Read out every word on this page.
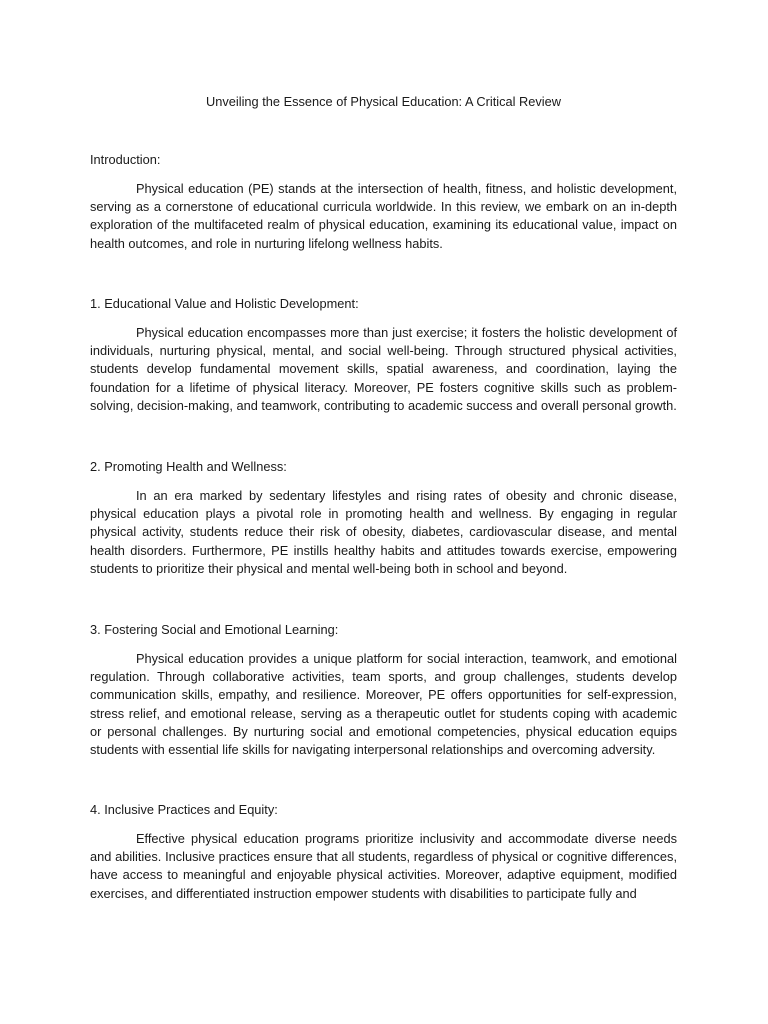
Unveiling the Essence of Physical Education: A Critical Review

Introduction:

Physical education (PE) stands at the intersection of health, fitness, and holistic development, serving as a cornerstone of educational curricula worldwide. In this review, we embark on an in-depth exploration of the multifaceted realm of physical education, examining its educational value, impact on health outcomes, and role in nurturing lifelong wellness habits.

1. Educational Value and Holistic Development:

Physical education encompasses more than just exercise; it fosters the holistic development of individuals, nurturing physical, mental, and social well-being. Through structured physical activities, students develop fundamental movement skills, spatial awareness, and coordination, laying the foundation for a lifetime of physical literacy. Moreover, PE fosters cognitive skills such as problem-solving, decision-making, and teamwork, contributing to academic success and overall personal growth.

2. Promoting Health and Wellness:

In an era marked by sedentary lifestyles and rising rates of obesity and chronic disease, physical education plays a pivotal role in promoting health and wellness. By engaging in regular physical activity, students reduce their risk of obesity, diabetes, cardiovascular disease, and mental health disorders. Furthermore, PE instills healthy habits and attitudes towards exercise, empowering students to prioritize their physical and mental well-being both in school and beyond.

3. Fostering Social and Emotional Learning:

Physical education provides a unique platform for social interaction, teamwork, and emotional regulation. Through collaborative activities, team sports, and group challenges, students develop communication skills, empathy, and resilience. Moreover, PE offers opportunities for self-expression, stress relief, and emotional release, serving as a therapeutic outlet for students coping with academic or personal challenges. By nurturing social and emotional competencies, physical education equips students with essential life skills for navigating interpersonal relationships and overcoming adversity.

4. Inclusive Practices and Equity:

Effective physical education programs prioritize inclusivity and accommodate diverse needs and abilities. Inclusive practices ensure that all students, regardless of physical or cognitive differences, have access to meaningful and enjoyable physical activities. Moreover, adaptive equipment, modified exercises, and differentiated instruction empower students with disabilities to participate fully and
